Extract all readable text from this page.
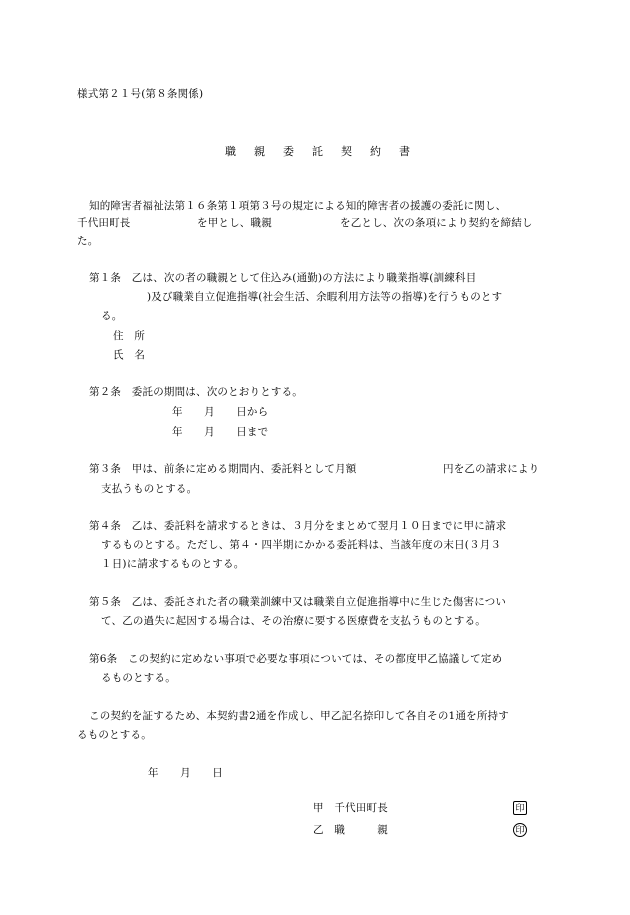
様式第２１号(第８条関係)
職親委託契約書
知的障害者福祉法第１６条第１項第３号の規定による知的障害者の援護の委託に関し、
千代田町長	を甲とし、職親	を乙とし、次の条項により契約を締結し
た。
第１条　乙は、次の者の職親として住込み(通勤)の方法により職業指導(訓練科目
)及び職業自立促進指導(社会生活、余暇利用方法等の指導)を行うものとす
る。
住　所
氏　名
第２条　委託の期間は、次のとおりとする。
年　　月　　日から
年　　月　　日まで
第３条　甲は、前条に定める期間内、委託料として月額	円を乙の請求により
支払うものとする。
第４条　乙は、委託料を請求するときは、３月分をまとめて翌月１０日までに甲に請求
するものとする。ただし、第４・四半期にかかる委託料は、当該年度の末日(３月３
１日)に請求するものとする。
第５条　乙は、委託された者の職業訓練中又は職業自立促進指導中に生じた傷害につい
て、乙の過失に起因する場合は、その治療に要する医療費を支払うものとする。
第6条　この契約に定めない事項で必要な事項については、その都度甲乙協議して定め
るものとする。
この契約を証するため、本契約書2通を作成し、甲乙記名捺印して各自その1通を所持す
るものとする。
年　　月　　日
甲　千代田町長	印
乙　職　　　親	印
